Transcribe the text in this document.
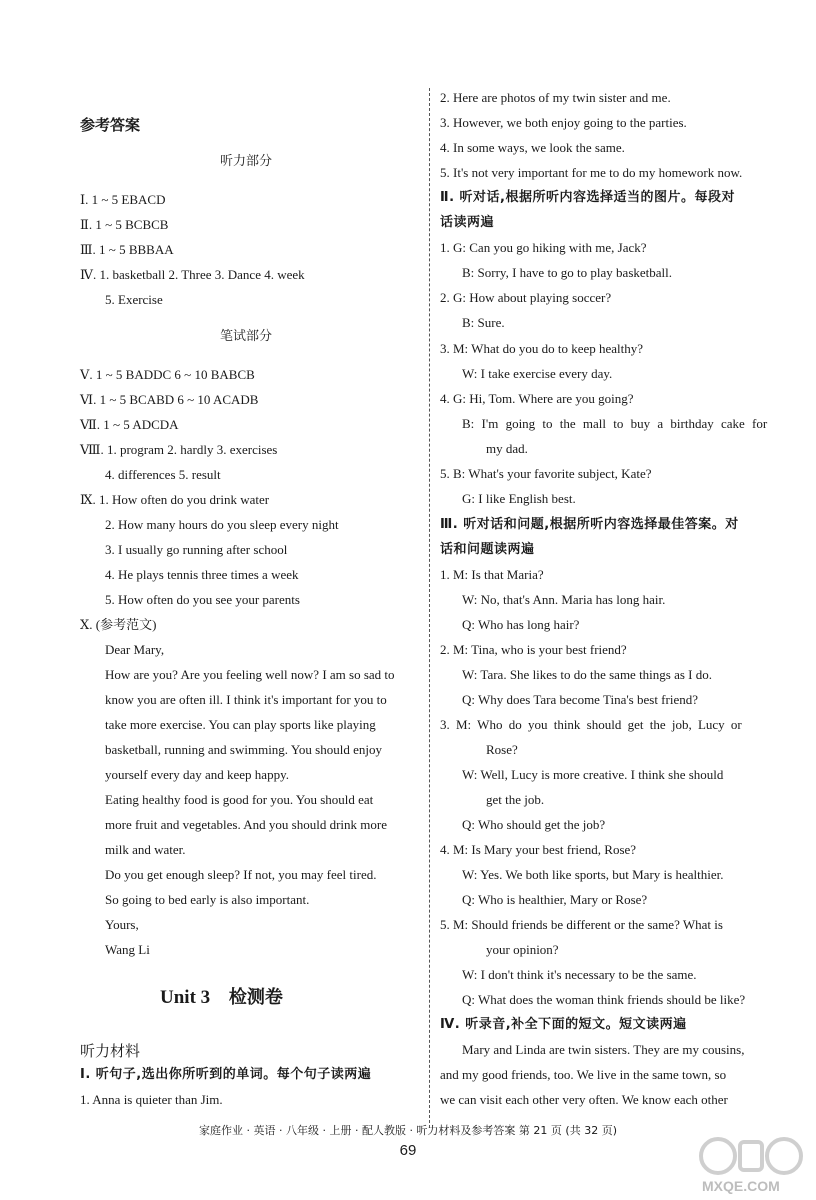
参考答案
听力部分
Ⅰ. 1 ~ 5 EBACD
Ⅱ. 1 ~ 5 BCBCB
Ⅲ. 1 ~ 5 BBBAA
Ⅳ. 1. basketball 2. Three 3. Dance 4. week
5. Exercise
笔试部分
Ⅴ. 1 ~ 5 BADDC 6 ~ 10 BABCB
Ⅵ. 1 ~ 5 BCABD 6 ~ 10 ACADB
Ⅶ. 1 ~ 5 ADCDA
Ⅷ. 1. program 2. hardly 3. exercises
4. differences 5. result
Ⅸ. 1. How often do you drink water
2. How many hours do you sleep every night
3. I usually go running after school
4. He plays tennis three times a week
5. How often do you see your parents
Ⅹ. (参考范文)
Dear Mary,
How are you? Are you feeling well now? I am so sad to
know you are often ill. I think it's important for you to
take more exercise. You can play sports like playing
basketball, running and swimming. You should enjoy
yourself every day and keep happy.
Eating healthy food is good for you. You should eat
more fruit and vegetables. And you should drink more
milk and water.
Do you get enough sleep? If not, you may feel tired.
So going to bed early is also important.
Yours,
Wang Li
Unit 3 检测卷
听力材料
Ⅰ. 听句子,选出你所听到的单词。每个句子读两遍
1. Anna is quieter than Jim.
2. Here are photos of my twin sister and me.
3. However, we both enjoy going to the parties.
4. In some ways, we look the same.
5. It's not very important for me to do my homework now.
Ⅱ. 听对话,根据所听内容选择适当的图片。每段对
话读两遍
1. G: Can you go hiking with me, Jack?
B: Sorry, I have to go to play basketball.
2. G: How about playing soccer?
B: Sure.
3. M: What do you do to keep healthy?
W: I take exercise every day.
4. G: Hi, Tom. Where are you going?
B: I'm going to the mall to buy a birthday cake for
my dad.
5. B: What's your favorite subject, Kate?
G: I like English best.
Ⅲ. 听对话和问题,根据所听内容选择最佳答案。对
话和问题读两遍
1. M: Is that Maria?
W: No, that's Ann. Maria has long hair.
Q: Who has long hair?
2. M: Tina, who is your best friend?
W: Tara. She likes to do the same things as I do.
Q: Why does Tara become Tina's best friend?
3. M: Who do you think should get the job, Lucy or
Rose?
W: Well, Lucy is more creative. I think she should
get the job.
Q: Who should get the job?
4. M: Is Mary your best friend, Rose?
W: Yes. We both like sports, but Mary is healthier.
Q: Who is healthier, Mary or Rose?
5. M: Should friends be different or the same? What is
your opinion?
W: I don't think it's necessary to be the same.
Q: What does the woman think friends should be like?
Ⅳ. 听录音,补全下面的短文。短文读两遍
Mary and Linda are twin sisters. They are my cousins,
and my good friends, too. We live in the same town, so
we can visit each other very often. We know each other
家庭作业 · 英语 · 八年级 · 上册 · 配人教版 · 听力材料及参考答案 第 21 页 (共 32 页)
69
MXQE.COM
